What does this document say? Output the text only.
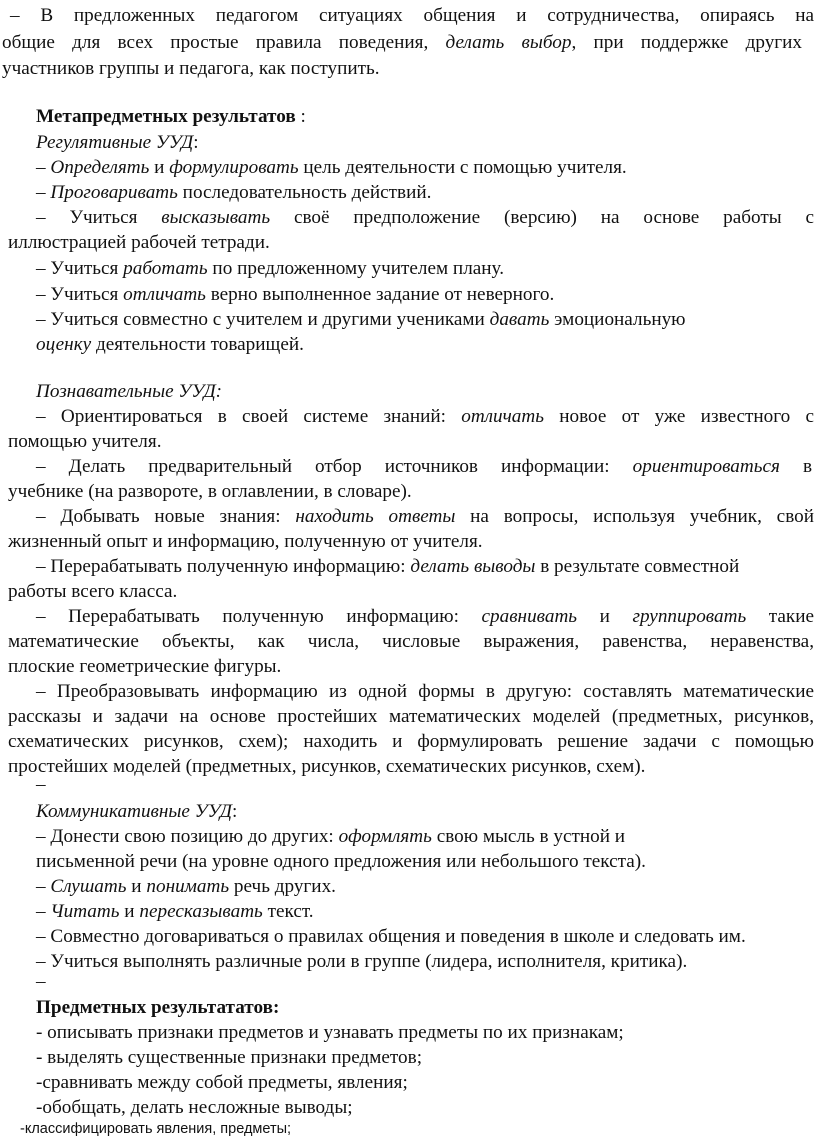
– В предложенных педагогом ситуациях общения и сотрудничества, опираясь на
общие для всех простые правила поведения, делать выбор, при поддержке других
участников группы и педагога, как поступить.
Метапредметных результатов :
Регулятивные УУД:
– Определять и формулировать цель деятельности с помощью учителя.
– Проговаривать последовательность действий.
– Учиться высказывать своё предположение (версию) на основе работы с
иллюстрацией рабочей тетради.
– Учиться работать по предложенному учителем плану.
– Учиться отличать верно выполненное задание от неверного.
– Учиться совместно с учителем и другими учениками давать эмоциональную
оценку деятельности товарищей.
Познавательные УУД:
– Ориентироваться в своей системе знаний: отличать новое от уже известного с
помощью учителя.
– Делать предварительный отбор источников информации: ориентироваться в
учебнике (на развороте, в оглавлении, в словаре).
– Добывать новые знания: находить ответы на вопросы, используя учебник, свой
жизненный опыт и информацию, полученную от учителя.
– Перерабатывать полученную информацию: делать выводы в результате совместной
работы всего класса.
– Перерабатывать полученную информацию: сравнивать и группировать такие
математические объекты, как числа, числовые выражения, равенства, неравенства,
плоские геометрические фигуры.
– Преобразовывать информацию из одной формы в другую: составлять математические
рассказы и задачи на основе простейших математических моделей (предметных, рисунков,
схематических рисунков, схем); находить и формулировать решение задачи с помощью
простейших моделей (предметных, рисунков, схематических рисунков, схем).
–
Коммуникативные УУД:
– Донести свою позицию до других: оформлять свою мысль в устной и
письменной речи (на уровне одного предложения или небольшого текста).
– Слушать и понимать речь других.
– Читать и пересказывать текст.
– Совместно договариваться о правилах общения и поведения в школе и следовать им.
– Учиться выполнять различные роли в группе (лидера, исполнителя, критика).
–
Предметных результататов:
- описывать признаки предметов и узнавать предметы по их признакам;
- выделять существенные признаки предметов;
-сравнивать между собой предметы, явления;
-обобщать, делать несложные выводы;
-классифицировать явления, предметы;
